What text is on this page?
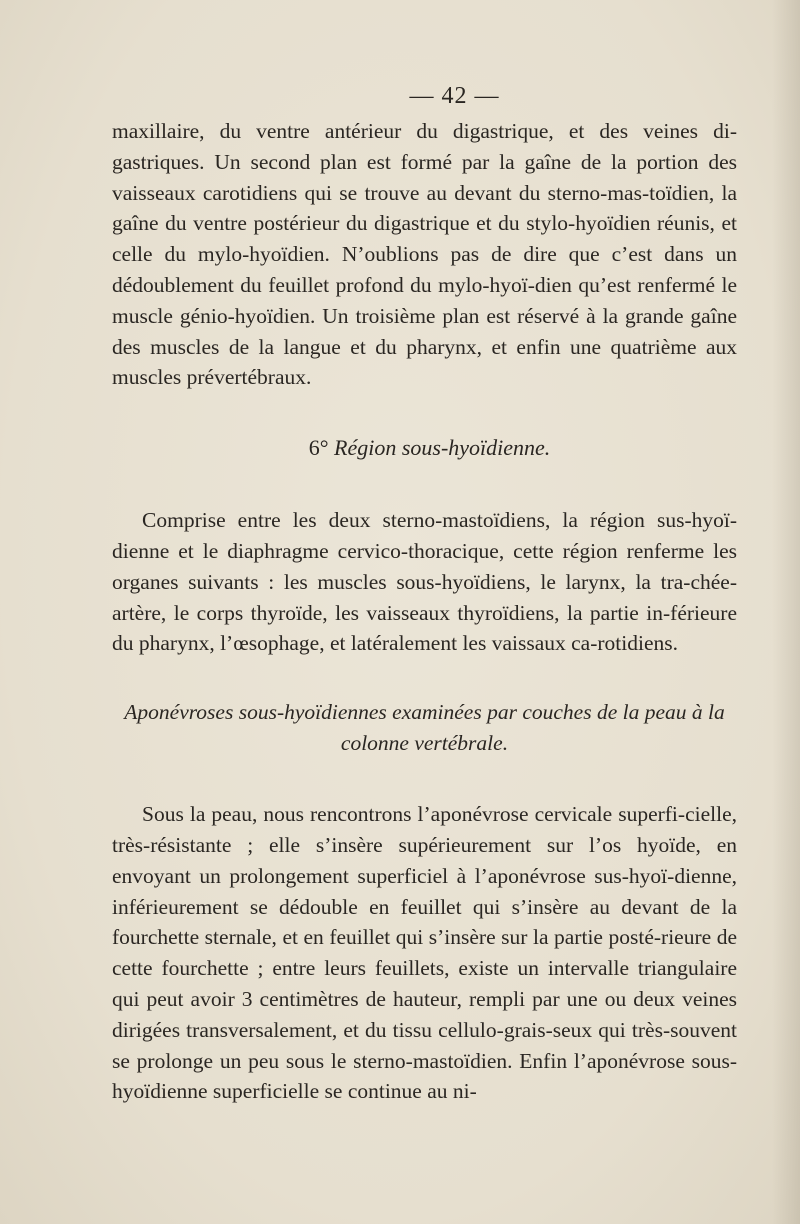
— 42 —

maxillaire, du ventre antérieur du digastrique, et des veines di-gastriques. Un second plan est formé par la gaîne de la portion des vaisseaux carotidiens qui se trouve au devant du sterno-mas-toïdien, la gaîne du ventre postérieur du digastrique et du stylo-hyoïdien réunis, et celle du mylo-hyoïdien. N’oublions pas de dire que c’est dans un dédoublement du feuillet profond du mylo-hyoï-dien qu’est renfermé le muscle génio-hyoïdien. Un troisième plan est réservé à la grande gaîne des muscles de la langue et du pharynx, et enfin une quatrième aux muscles prévertébraux.

6° Région sous-hyoïdienne.

Comprise entre les deux sterno-mastoïdiens, la région sus-hyoï-dienne et le diaphragme cervico-thoracique, cette région renferme les organes suivants : les muscles sous-hyoïdiens, le larynx, la tra-chée-artère, le corps thyroïde, les vaisseaux thyroïdiens, la partie in-férieure du pharynx, l’œsophage, et latéralement les vaissaux ca-rotidiens.

Aponévroses sous-hyoïdiennes examinées par couches de la peau à la colonne vertébrale.

Sous la peau, nous rencontrons l’aponévrose cervicale superfi-cielle, très-résistante ; elle s’insère supérieurement sur l’os hyoïde, en envoyant un prolongement superficiel à l’aponévrose sus-hyoï-dienne, inférieurement se dédouble en feuillet qui s’insère au devant de la fourchette sternale, et en feuillet qui s’insère sur la partie posté-rieure de cette fourchette ; entre leurs feuillets, existe un intervalle triangulaire qui peut avoir 3 centimètres de hauteur, rempli par une ou deux veines dirigées transversalement, et du tissu cellulo-grais-seux qui très-souvent se prolonge un peu sous le sterno-mastoïdien. Enfin l’aponévrose sous-hyoïdienne superficielle se continue au ni-
